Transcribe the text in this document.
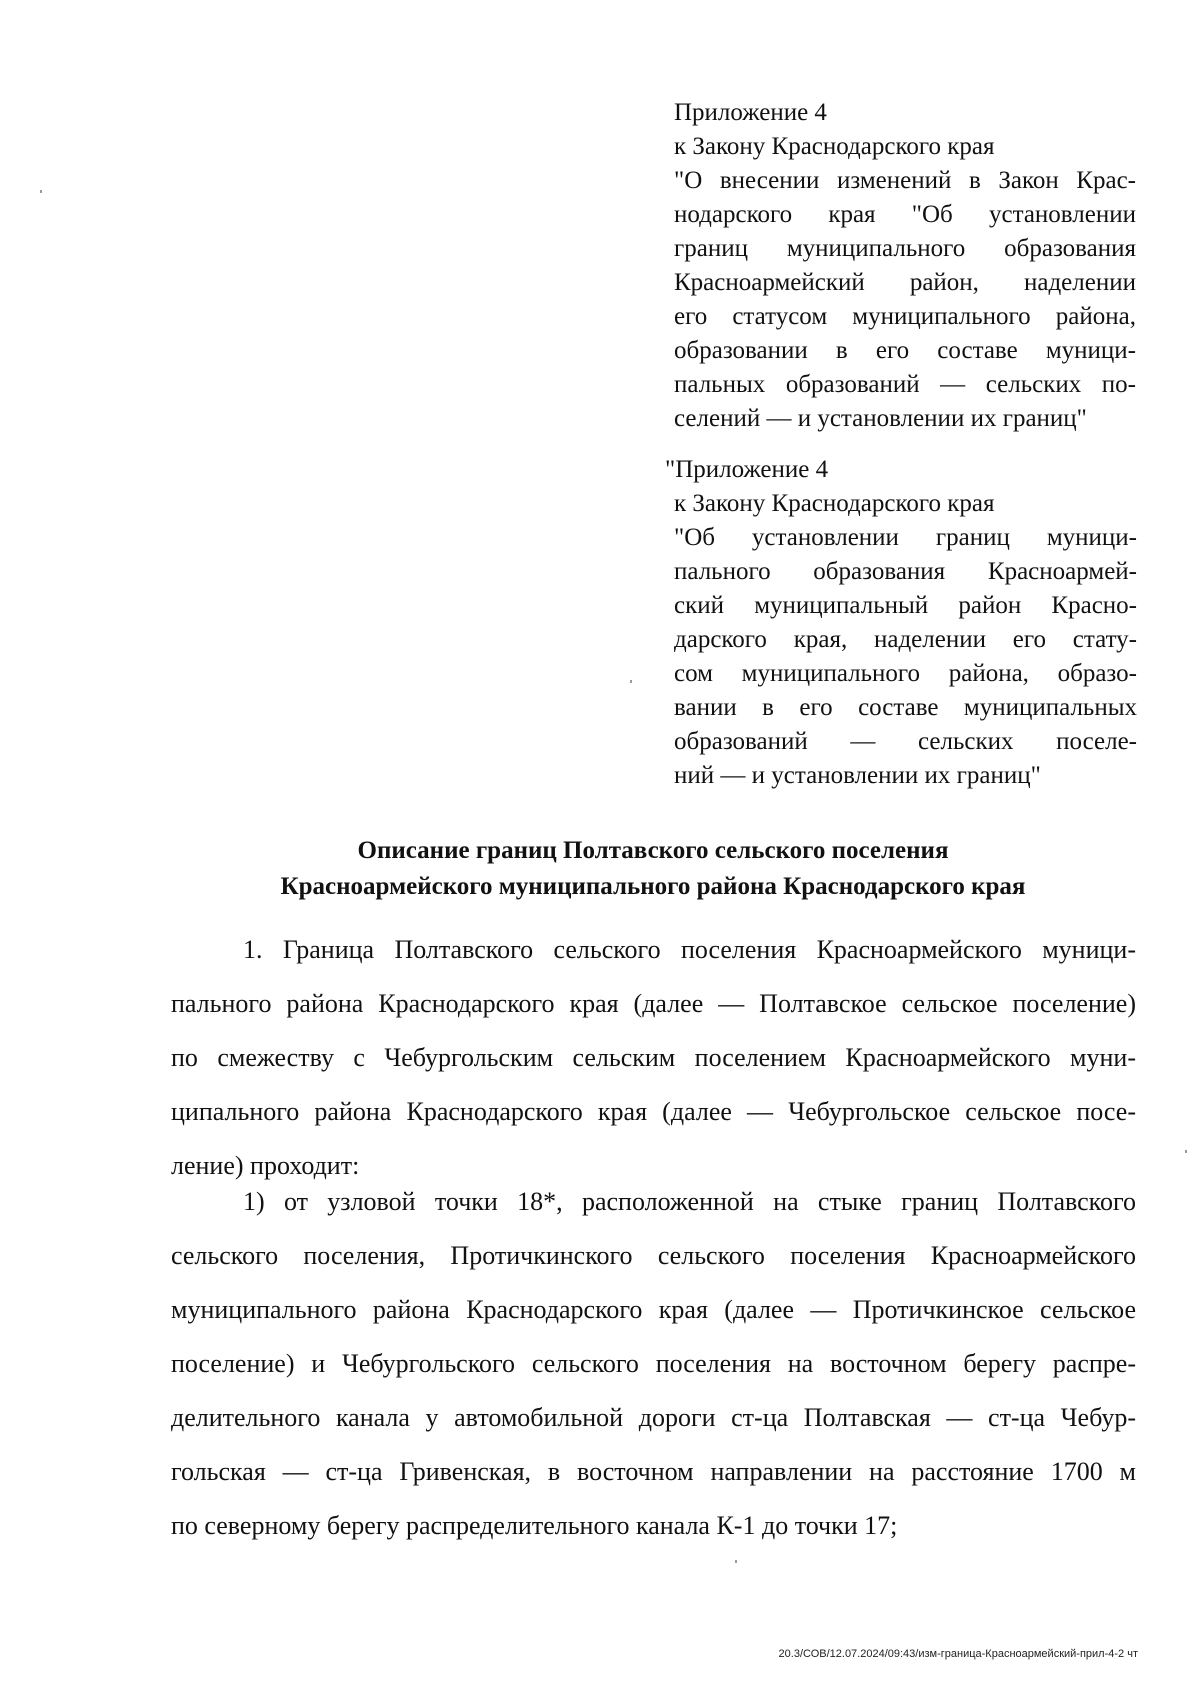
Приложение 4
к Закону Краснодарского края
"О внесении изменений в Закон Крас-
нодарского края "Об установлении
границ муниципального образования
Красноармейский район, наделении
его статусом муниципального района,
образовании в его составе муници-
пальных образований — сельских по-
селений — и установлении их границ"
"Приложение 4
к Закону Краснодарского края
"Об установлении границ муници-
пального образования Красноармей-
ский муниципальный район Красно-
дарского края, наделении его стату-
сом муниципального района, образо-
вании в его составе муниципальных
образований — сельских поселе-
ний — и установлении их границ"
Описание границ Полтавского сельского поселения
Красноармейского муниципального района Краснодарского края
1. Граница Полтавского сельского поселения Красноармейского муници-
пального района Краснодарского края (далее — Полтавское сельское поселение)
по смежеству с Чебургольским сельским поселением Красноармейского муни-
ципального района Краснодарского края (далее — Чебургольское сельское посе-
ление) проходит:
1) от узловой точки 18*, расположенной на стыке границ Полтавского
сельского поселения, Протичкинского сельского поселения Красноармейского
муниципального района Краснодарского края (далее — Протичкинское сельское
поселение) и Чебургольского сельского поселения на восточном берегу распре-
делительного канала у автомобильной дороги ст-ца Полтавская — ст-ца Чебур-
гольская — ст-ца Гривенская, в восточном направлении на расстояние 1700 м
по северному берегу распределительного канала К-1 до точки 17;
20.3/СОВ/12.07.2024/09:43/изм-граница-Красноармейский-прил-4-2 чт
